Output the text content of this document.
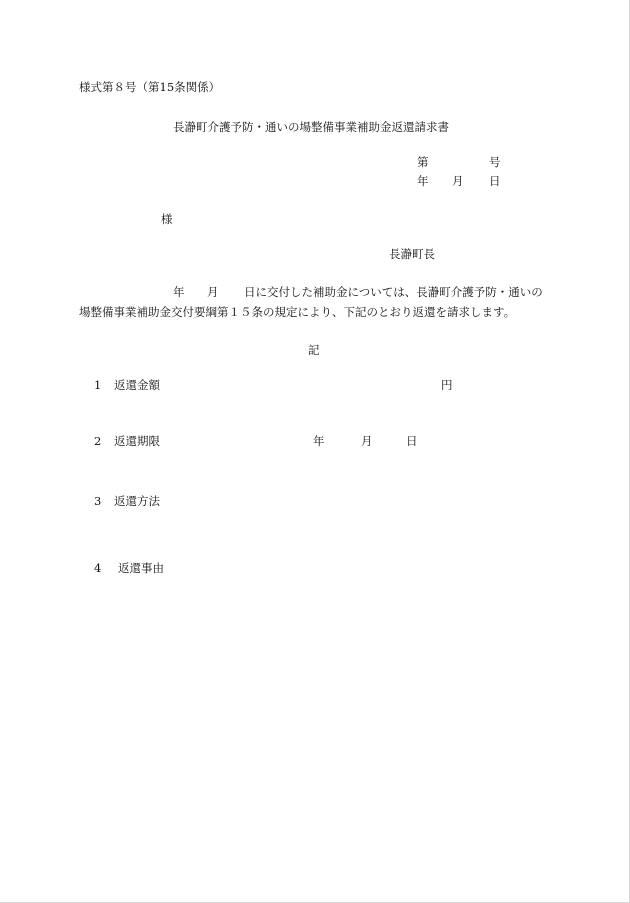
様式第８号（第15条関係）
長瀞町介護予防・通いの場整備事業補助金返還請求書
第	号
年 月 日
様
長瀞町長
年 月 日に交付した補助金については、長瀞町介護予防・通いの
場整備事業補助金交付要綱第１５条の規定により、下記のとおり返還を請求します。
記
1 返還金額	円
2 返還期限	年	月	日
3 返還方法
4 返還事由
